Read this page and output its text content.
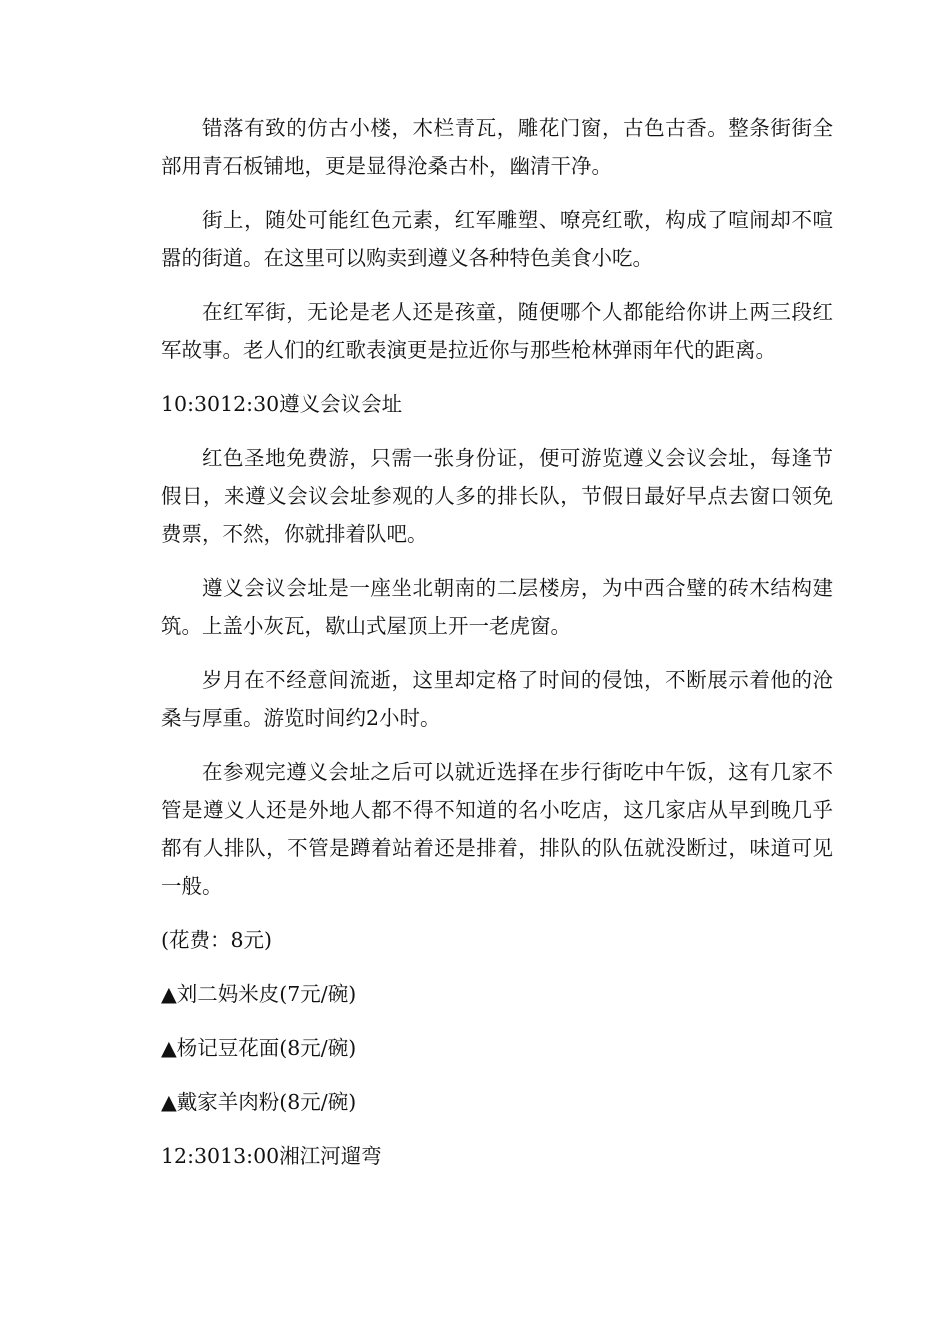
错落有致的仿古小楼，木栏青瓦，雕花门窗，古色古香。整条街街全部用青石板铺地，更是显得沧桑古朴，幽清干净。

街上，随处可能红色元素，红军雕塑、嘹亮红歌，构成了喧闹却不喧嚣的街道。在这里可以购卖到遵义各种特色美食小吃。

在红军街，无论是老人还是孩童，随便哪个人都能给你讲上两三段红军故事。老人们的红歌表演更是拉近你与那些枪林弹雨年代的距离。

10:3012:30遵义会议会址

红色圣地免费游，只需一张身份证，便可游览遵义会议会址，每逢节假日，来遵义会议会址参观的人多的排长队，节假日最好早点去窗口领免费票，不然，你就排着队吧。

遵义会议会址是一座坐北朝南的二层楼房，为中西合璧的砖木结构建筑。上盖小灰瓦，歇山式屋顶上开一老虎窗。

岁月在不经意间流逝，这里却定格了时间的侵蚀，不断展示着他的沧桑与厚重。游览时间约2小时。

在参观完遵义会址之后可以就近选择在步行街吃中午饭，这有几家不管是遵义人还是外地人都不得不知道的名小吃店，这几家店从早到晚几乎都有人排队，不管是蹲着站着还是排着，排队的队伍就没断过，味道可见一般。

(花费：8元)

▲刘二妈米皮(7元/碗)

▲杨记豆花面(8元/碗)

▲戴家羊肉粉(8元/碗)

12:3013:00湘江河遛弯
